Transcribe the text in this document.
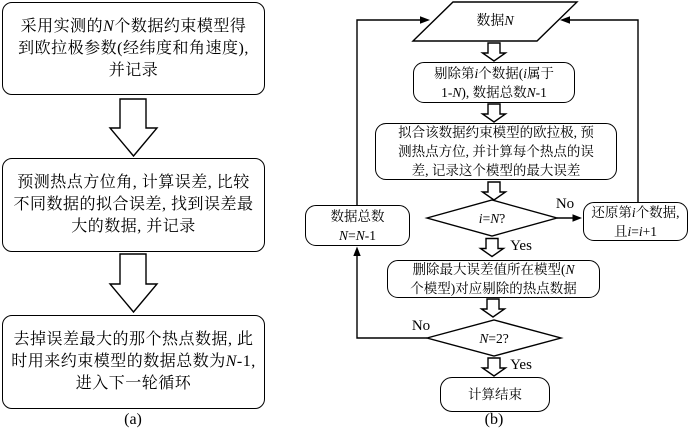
采用实测的N个数据约束模型得
到欧拉极参数(经纬度和角速度),
并记录
预测热点方位角, 计算误差, 比较
不同数据的拟合误差, 找到误差最
大的数据, 并记录
去掉误差最大的那个热点数据, 此
时用来约束模型的数据总数为N-1,
进入下一轮循环
剔除第i个数据(i属于
1-N), 数据总数N-1
拟合该数据约束模型的欧拉极, 预
测热点方位, 并计算每个热点的误
差, 记录这个模型的最大误差
还原第i个数据,
且i=i+1
数据总数
N=N-1
删除最大误差值所在模型(N
个模型)对应剔除的热点数据
计算结束
数据N
i=N?
N=2?
No
Yes
No
Yes
(a)	(b)
